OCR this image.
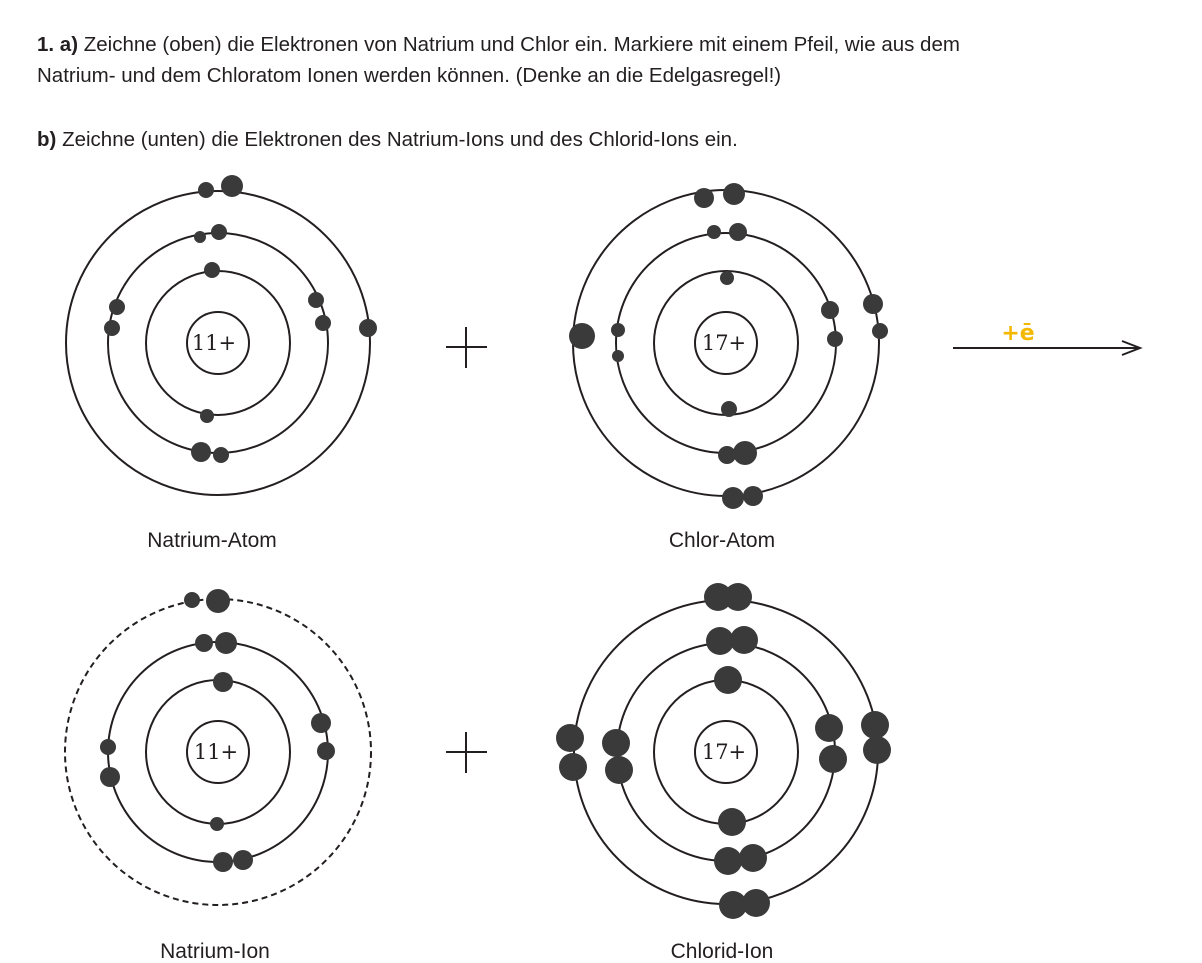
1. a) Zeichne (oben) die Elektronen von Natrium und Chlor ein. Markiere mit einem Pfeil, wie aus dem
Natrium- und dem Chloratom Ionen werden können. (Denke an die Edelgasregel!)
b) Zeichne (unten) die Elektronen des Natrium-Ions und des Chlorid-Ions ein.
11+
Natrium-Atom
17+
Chlor-Atom
+ē
11+
Natrium-Ion
17+
Chlorid-Ion
